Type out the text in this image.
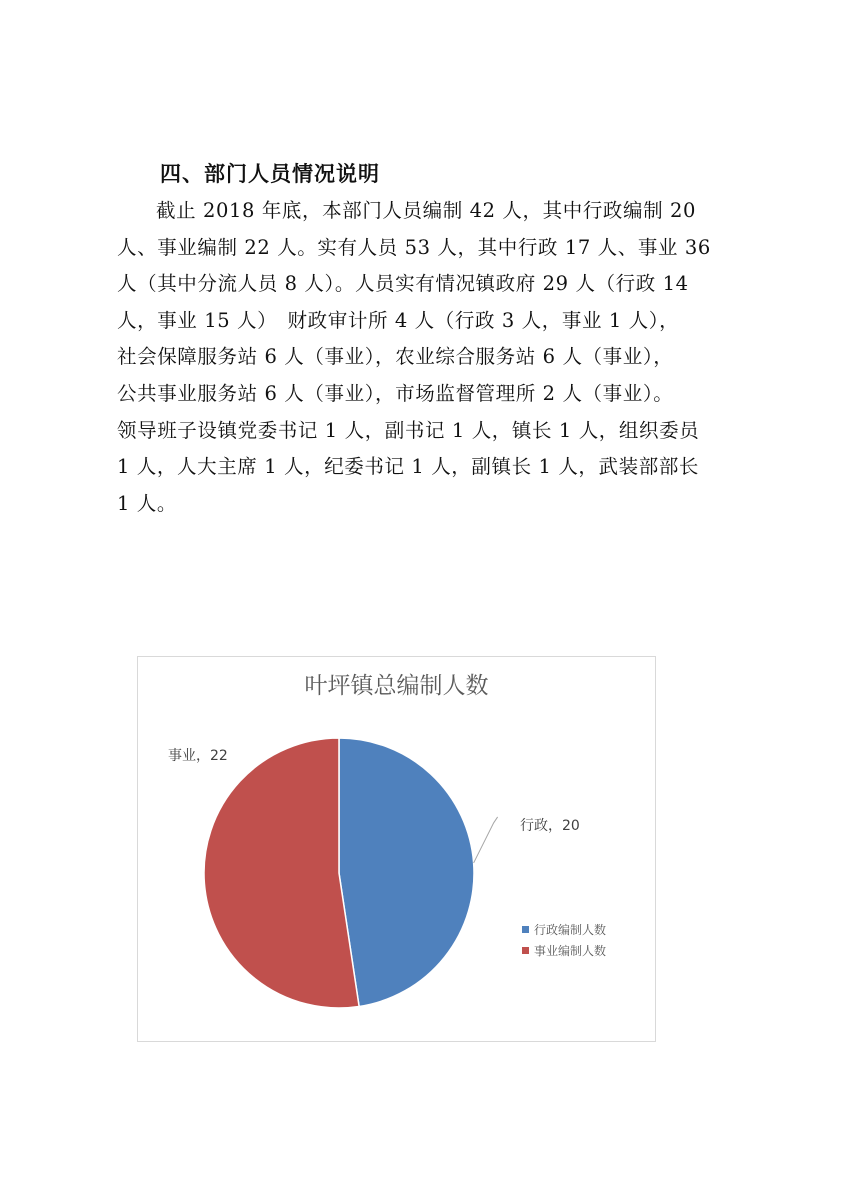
四、部门人员情况说明
截止 2018 年底，本部门人员编制 42 人，其中行政编制 20
人、事业编制 22 人。实有人员 53 人，其中行政 17 人、事业 36
人（其中分流人员 8 人）。人员实有情况镇政府 29 人（行政 14
人，事业 15 人）　财政审计所 4 人（行政 3 人，事业 1 人），
社会保障服务站 6 人（事业），农业综合服务站 6 人（事业），
公共事业服务站 6 人（事业），市场监督管理所 2 人（事业）。
领导班子设镇党委书记 1 人，副书记 1 人，镇长 1 人，组织委员
1 人，人大主席 1 人，纪委书记 1 人，副镇长 1 人，武装部部长
1 人。
叶坪镇总编制人数
行政，20
事业，22
行政编制人数
事业编制人数
